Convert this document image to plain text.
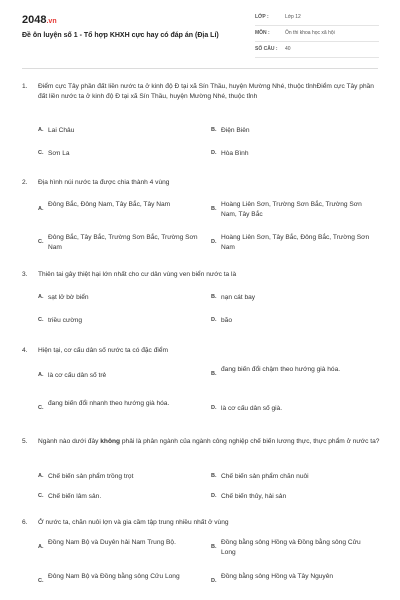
2048.vn
Đề ôn luyện số 1 - Tổ hợp KHXH cực hay có đáp án (Địa Lí)
LỚP :	Lớp 12
MÔN :	Ôn thi khoa học xã hội
SỐ CÂU : 40
1. Điểm cực Tây phần đất liền nước ta ở kinh độ Đ tại xã Sín Thầu, huyện Mường Nhé, thuộc tỉnhĐiểm cực Tây phần đất liền nước ta ở kinh độ Đ tại xã Sín Thầu, huyện Mường Nhé, thuộc tỉnh
A. Lai Châu	B. Điện Biên
C. Sơn La	D. Hòa Bình
2. Địa hình núi nước ta được chia thành 4 vùng
A.
Đông Bắc, Đông Nam, Tây Bắc, Tây Nam
B.
Hoàng Liên Sơn, Trường Sơn Bắc, Trường Sơn Nam, Tây Bắc
C.
Đông Bắc, Tây Bắc, Trường Sơn Bắc, Trường Sơn Nam
D.
Hoàng Liên Sơn, Tây Bắc, Đông Bắc, Trường Sơn Nam
3. Thiên tai gây thiệt hại lớn nhất cho cư dân vùng ven biển nước ta là
A. sạt lở bờ biển	B. nạn cát bay
C. triều cường	D. bão
4. Hiện tại, cơ cấu dân số nước ta có đặc điểm
A. là cơ cấu dân số trẻ	B.
đang biến đổi chậm theo hướng già hóa.
C.
đang biến đổi nhanh theo hướng già hóa.
D. là cơ cấu dân số già.
5. Ngành nào dưới đây không phải là phân ngành của ngành công nghiệp chế biến lương thực, thực phẩm ở nước ta?
A. Chế biến sản phẩm trồng trọt	B. Chế biến sản phẩm chăn nuôi
C. Chế biến lâm sản.	D. Chế biến thủy, hải sản
6. Ở nước ta, chăn nuôi lợn và gia cầm tập trung nhiều nhất ở vùng
A.
Đồng Nam Bộ và Duyên hải Nam Trung Bộ.
B.
Đồng bằng sông Hồng và Đồng bằng sông Cửu Long
C.
Đông Nam Bộ và Đồng bằng sông Cửu Long
D.
Đồng bằng sông Hồng và Tây Nguyên
